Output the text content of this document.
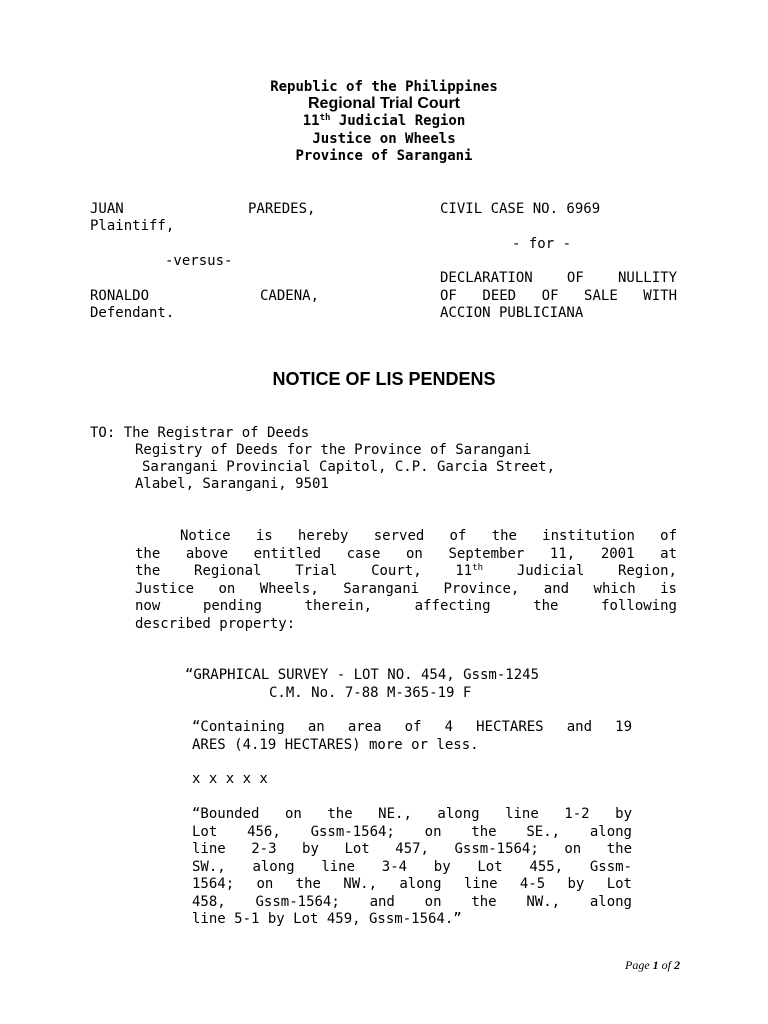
Republic of the Philippines
Regional Trial Court
11th Judicial Region
Justice on Wheels
Province of Sarangani
JUAN	PAREDES,
Plaintiff,
-versus-
RONALDO	CADENA,
Defendant.
CIVIL CASE NO. 6969
- for -
DECLARATION OF NULLITY
OF DEED OF SALE WITH
ACCION PUBLICIANA
NOTICE OF LIS PENDENS
TO: The Registrar of Deeds
Registry of Deeds for the Province of Sarangani
Sarangani Provincial Capitol, C.P. Garcia Street,
Alabel, Sarangani, 9501
Notice is hereby served of the institution of
the above entitled case on September 11, 2001 at
the Regional Trial Court, 11th Judicial Region,
Justice on Wheels, Sarangani Province, and which is
now pending therein, affecting the following
described property:
“GRAPHICAL SURVEY - LOT NO. 454, Gssm-1245
C.M. No. 7-88 M-365-19 F
“Containing an area of 4 HECTARES and 19
ARES (4.19 HECTARES) more or less.
x x x x x
“Bounded on the NE., along line 1-2 by
Lot 456, Gssm-1564; on the SE., along
line 2-3 by Lot 457, Gssm-1564; on the
SW., along line 3-4 by Lot 455, Gssm-
1564; on the NW., along line 4-5 by Lot
458, Gssm-1564; and on the NW., along
line 5-1 by Lot 459, Gssm-1564.”
Page 1 of 2
